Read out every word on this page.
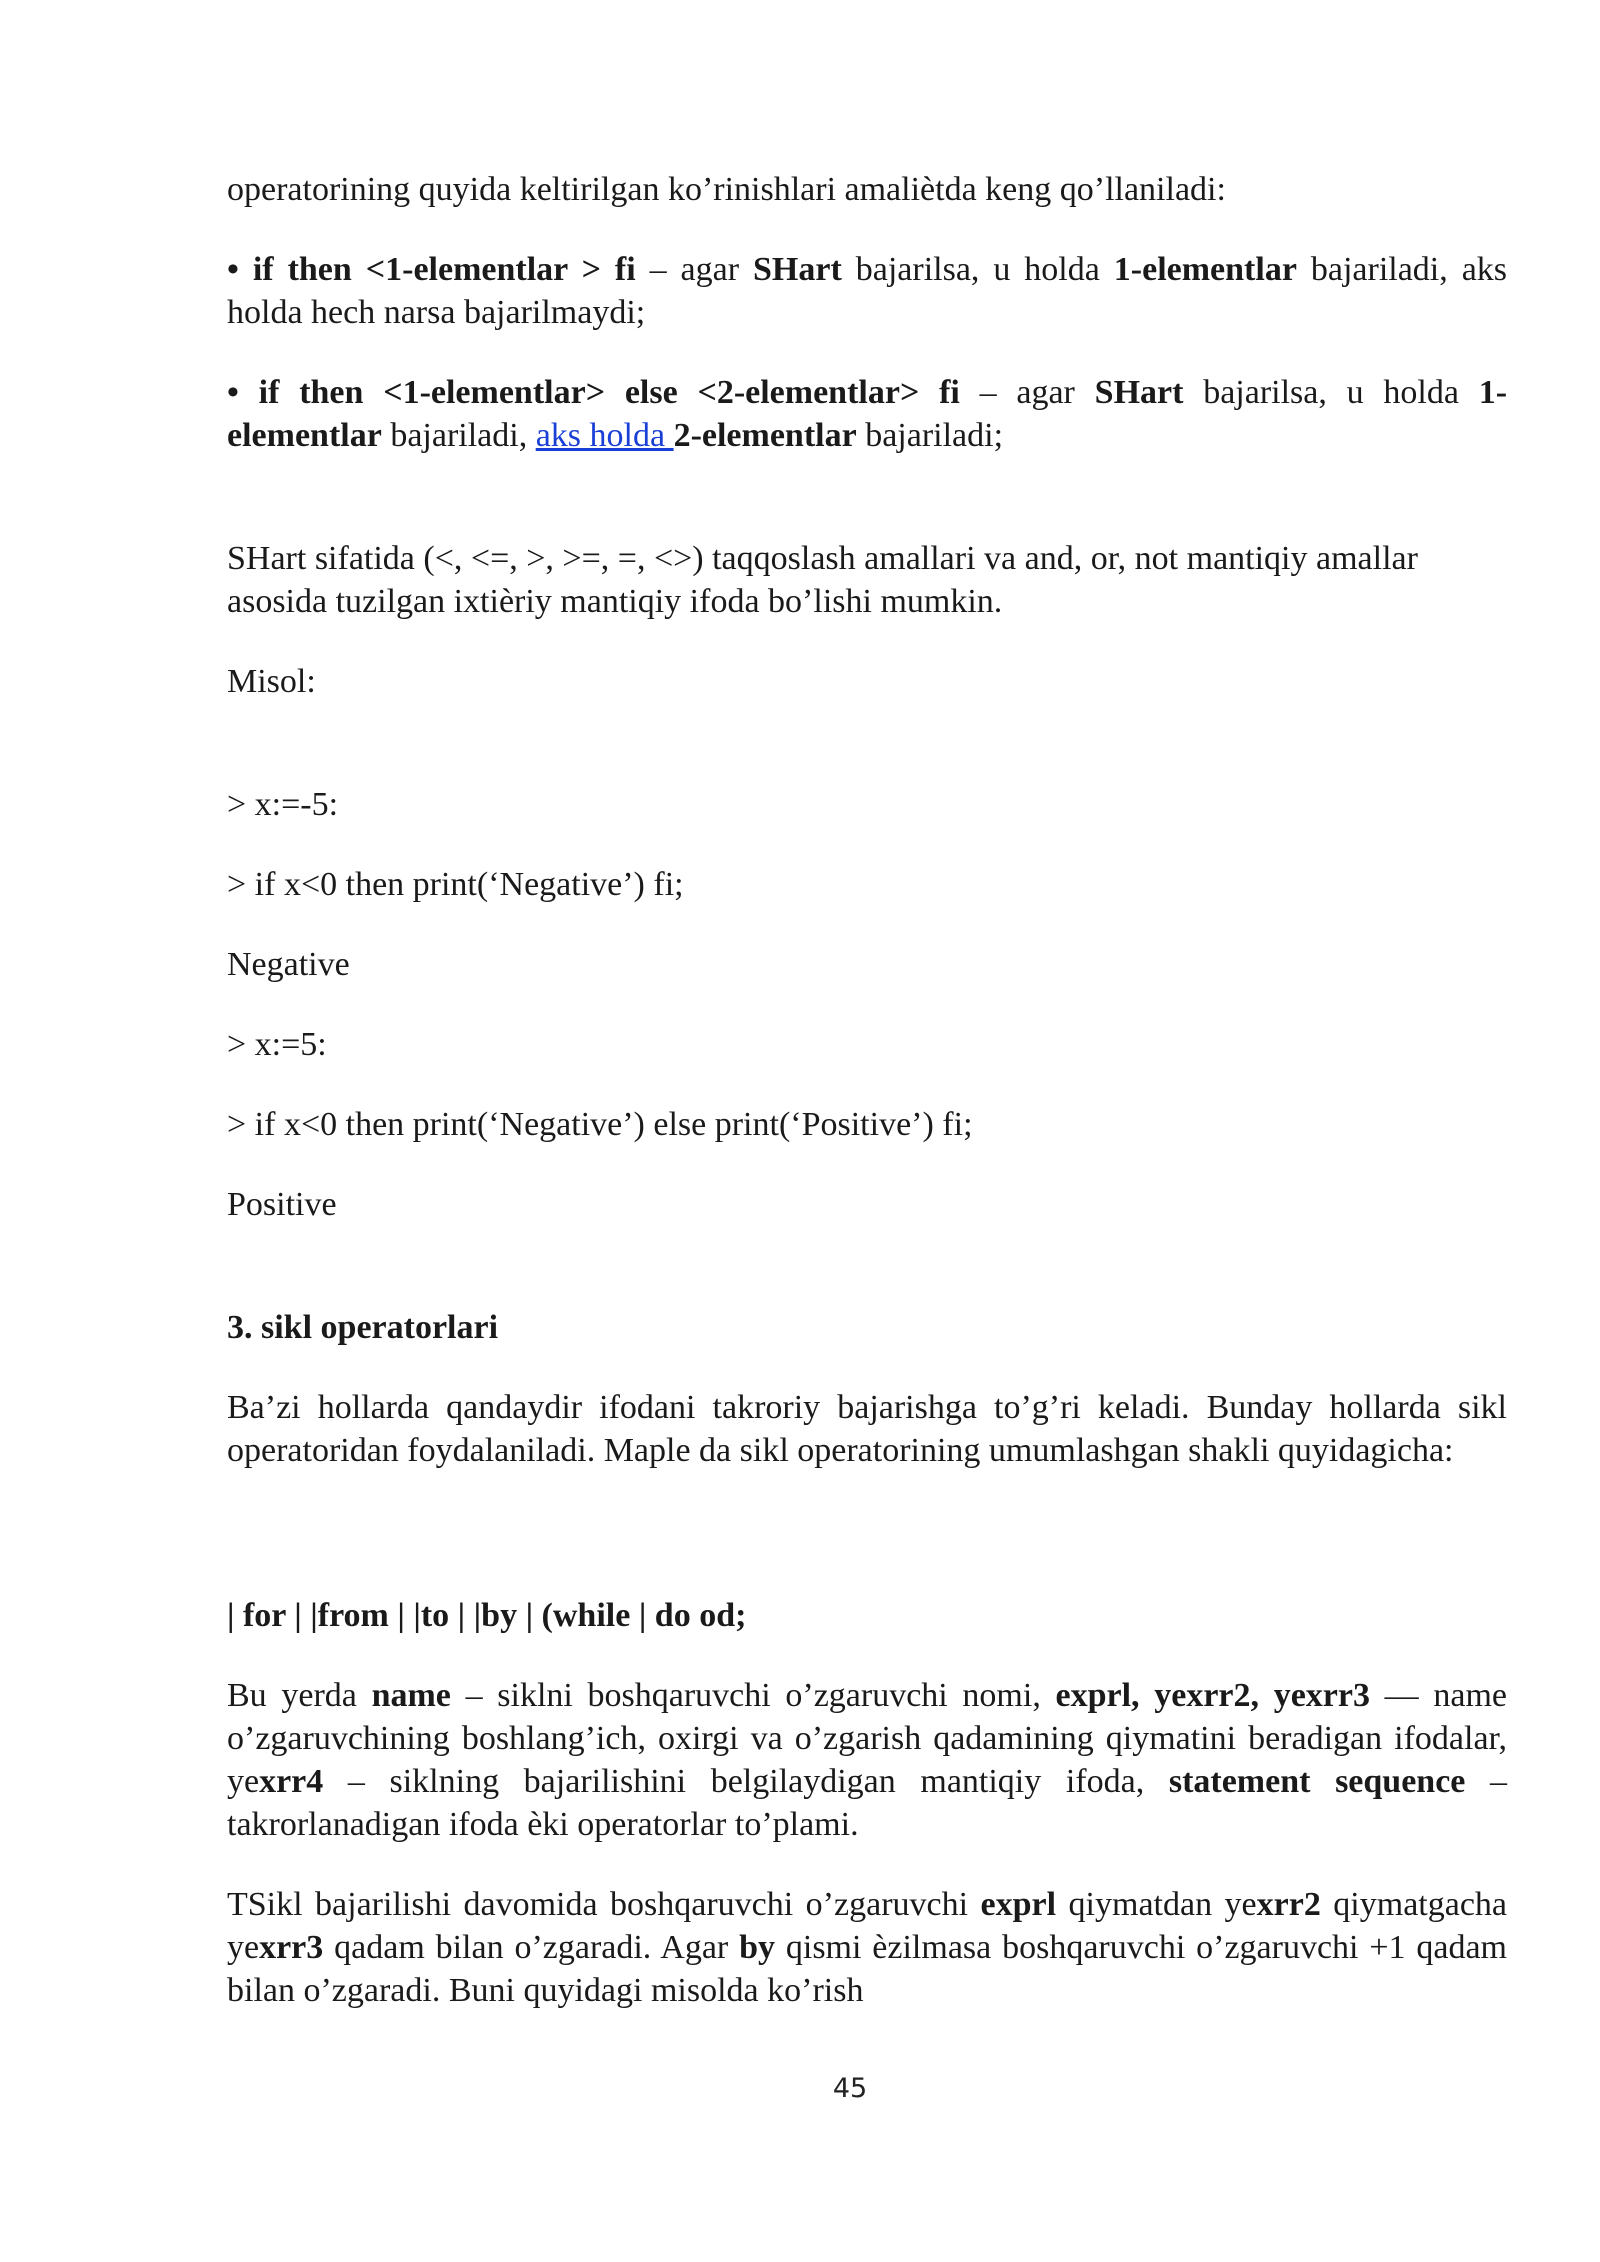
operatorining quyida keltirilgan ko’rinishlari amaliètda keng qo’llaniladi:

• if then <1-elementlar > fi – agar SHart bajarilsa, u holda 1-elementlar bajariladi, aks holda hech narsa bajarilmaydi;

• if then <1-elementlar> else <2-elementlar> fi – agar SHart bajarilsa, u holda 1-elementlar bajariladi, aks holda 2-elementlar bajariladi;

SHart sifatida (<, <=, >, >=, =, <>) taqqoslash amallari va and, or, not mantiqiy amallar asosida tuzilgan ixtièriy mantiqiy ifoda bo’lishi mumkin.

Misol:

> x:=-5:

> if x<0 then print(‘Negative’) fi;

Negative

> x:=5:

> if x<0 then print(‘Negative’) else print(‘Positive’) fi;

Positive

3. sikl operatorlari

Ba’zi hollarda qandaydir ifodani takroriy bajarishga to’g’ri keladi. Bunday hollarda sikl operatoridan foydalaniladi. Maple da sikl operatorining umumlashgan shakli quyidagicha:

| for | |from | |to | |by | (while | do od;

Bu yerda name – siklni boshqaruvchi o’zgaruvchi nomi, exprl, yexrr2, yexrr3 — name o’zgaruvchining boshlang’ich, oxirgi va o’zgarish qadamining qiymatini beradigan ifodalar, yexrr4 – siklning bajarilishini belgilaydigan mantiqiy ifoda, statement sequence – takrorlanadigan ifoda èki operatorlar to’plami.

TSikl bajarilishi davomida boshqaruvchi o’zgaruvchi exprl qiymatdan yexrr2 qiymatgacha yexrr3 qadam bilan o’zgaradi. Agar by qismi èzilmasa boshqaruvchi o’zgaruvchi +1 qadam bilan o’zgaradi. Buni quyidagi misolda ko’rish

45
